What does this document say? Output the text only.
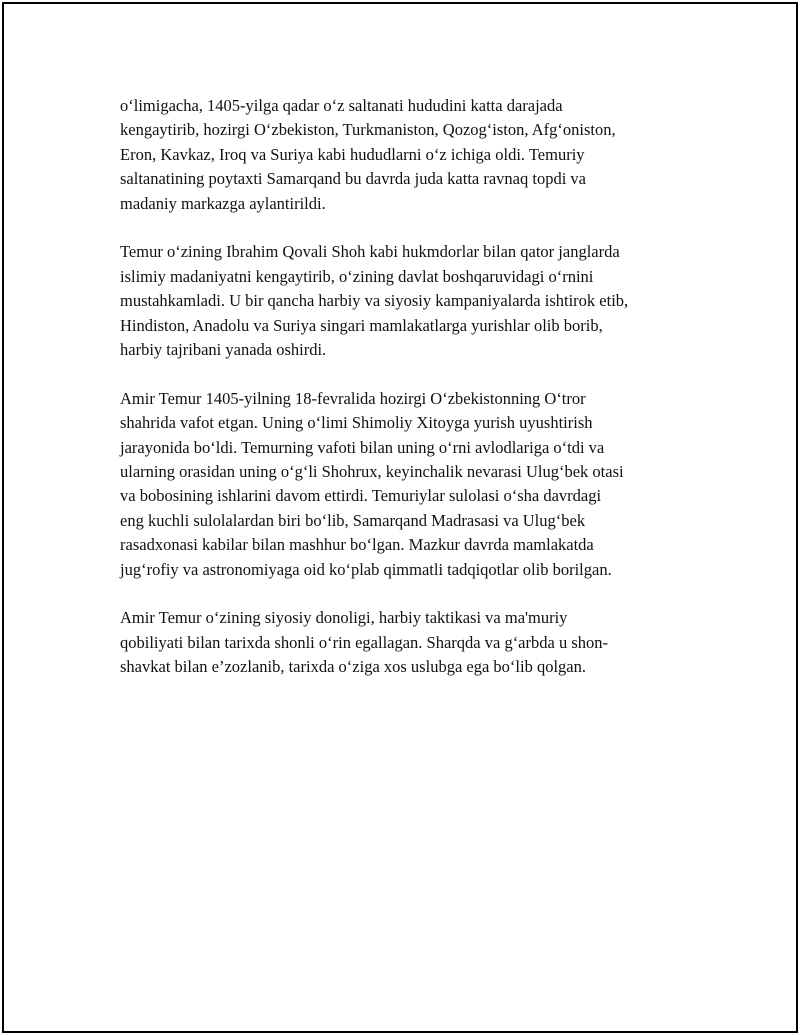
oʻlimigacha, 1405-yilga qadar oʻz saltanati hududini katta darajada
kengaytirib, hozirgi Oʻzbekiston, Turkmaniston, Qozogʻiston, Afgʻoniston,
Eron, Kavkaz, Iroq va Suriya kabi hududlarni oʻz ichiga oldi. Temuriy
saltanatining poytaxti Samarqand bu davrda juda katta ravnaq topdi va
madaniy markazga aylantirildi.

Temur oʻzining Ibrahim Qovali Shoh kabi hukmdorlar bilan qator janglarda
islimiy madaniyatni kengaytirib, oʻzining davlat boshqaruvidagi oʻrnini
mustahkamladi. U bir qancha harbiy va siyosiy kampaniyalarda ishtirok etib,
Hindiston, Anadolu va Suriya singari mamlakatlarga yurishlar olib borib,
harbiy tajribani yanada oshirdi.

Amir Temur 1405-yilning 18-fevralida hozirgi Oʻzbekistonning Oʻtror
shahrida vafot etgan. Uning oʻlimi Shimoliy Xitoyga yurish uyushtirish
jarayonida boʻldi. Temurning vafoti bilan uning oʻrni avlodlariga oʻtdi va
ularning orasidan uning oʻgʻli Shohrux, keyinchalik nevarasi Ulugʻbek otasi
va bobosining ishlarini davom ettirdi. Temuriylar sulolasi oʻsha davrdagi
eng kuchli sulolalardan biri boʻlib, Samarqand Madrasasi va Ulugʻbek
rasadxonasi kabilar bilan mashhur boʻlgan. Mazkur davrda mamlakatda
jugʻrofiy va astronomiyaga oid koʻplab qimmatli tadqiqotlar olib borilgan.

Amir Temur oʻzining siyosiy donoligi, harbiy taktikasi va ma'muriy
qobiliyati bilan tarixda shonli oʻrin egallagan. Sharqda va gʻarbda u shon-
shavkat bilan e’zozlanib, tarixda oʻziga xos uslubga ega boʻlib qolgan.
